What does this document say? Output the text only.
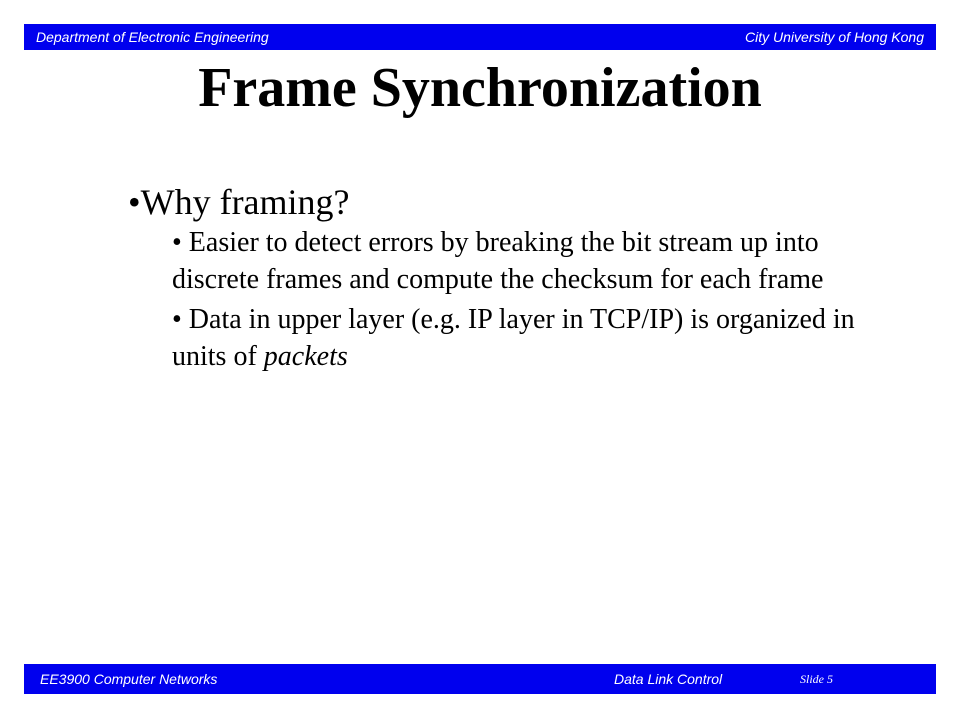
Department of Electronic Engineering	City University of Hong Kong
Frame Synchronization
•Why framing?

• Easier to detect errors by breaking the bit stream up into discrete frames and compute the checksum for each frame

• Data in upper layer (e.g. IP layer in TCP/IP) is organized in units of packets

EE3900 Computer Networks	Data Link Control	Slide 5
